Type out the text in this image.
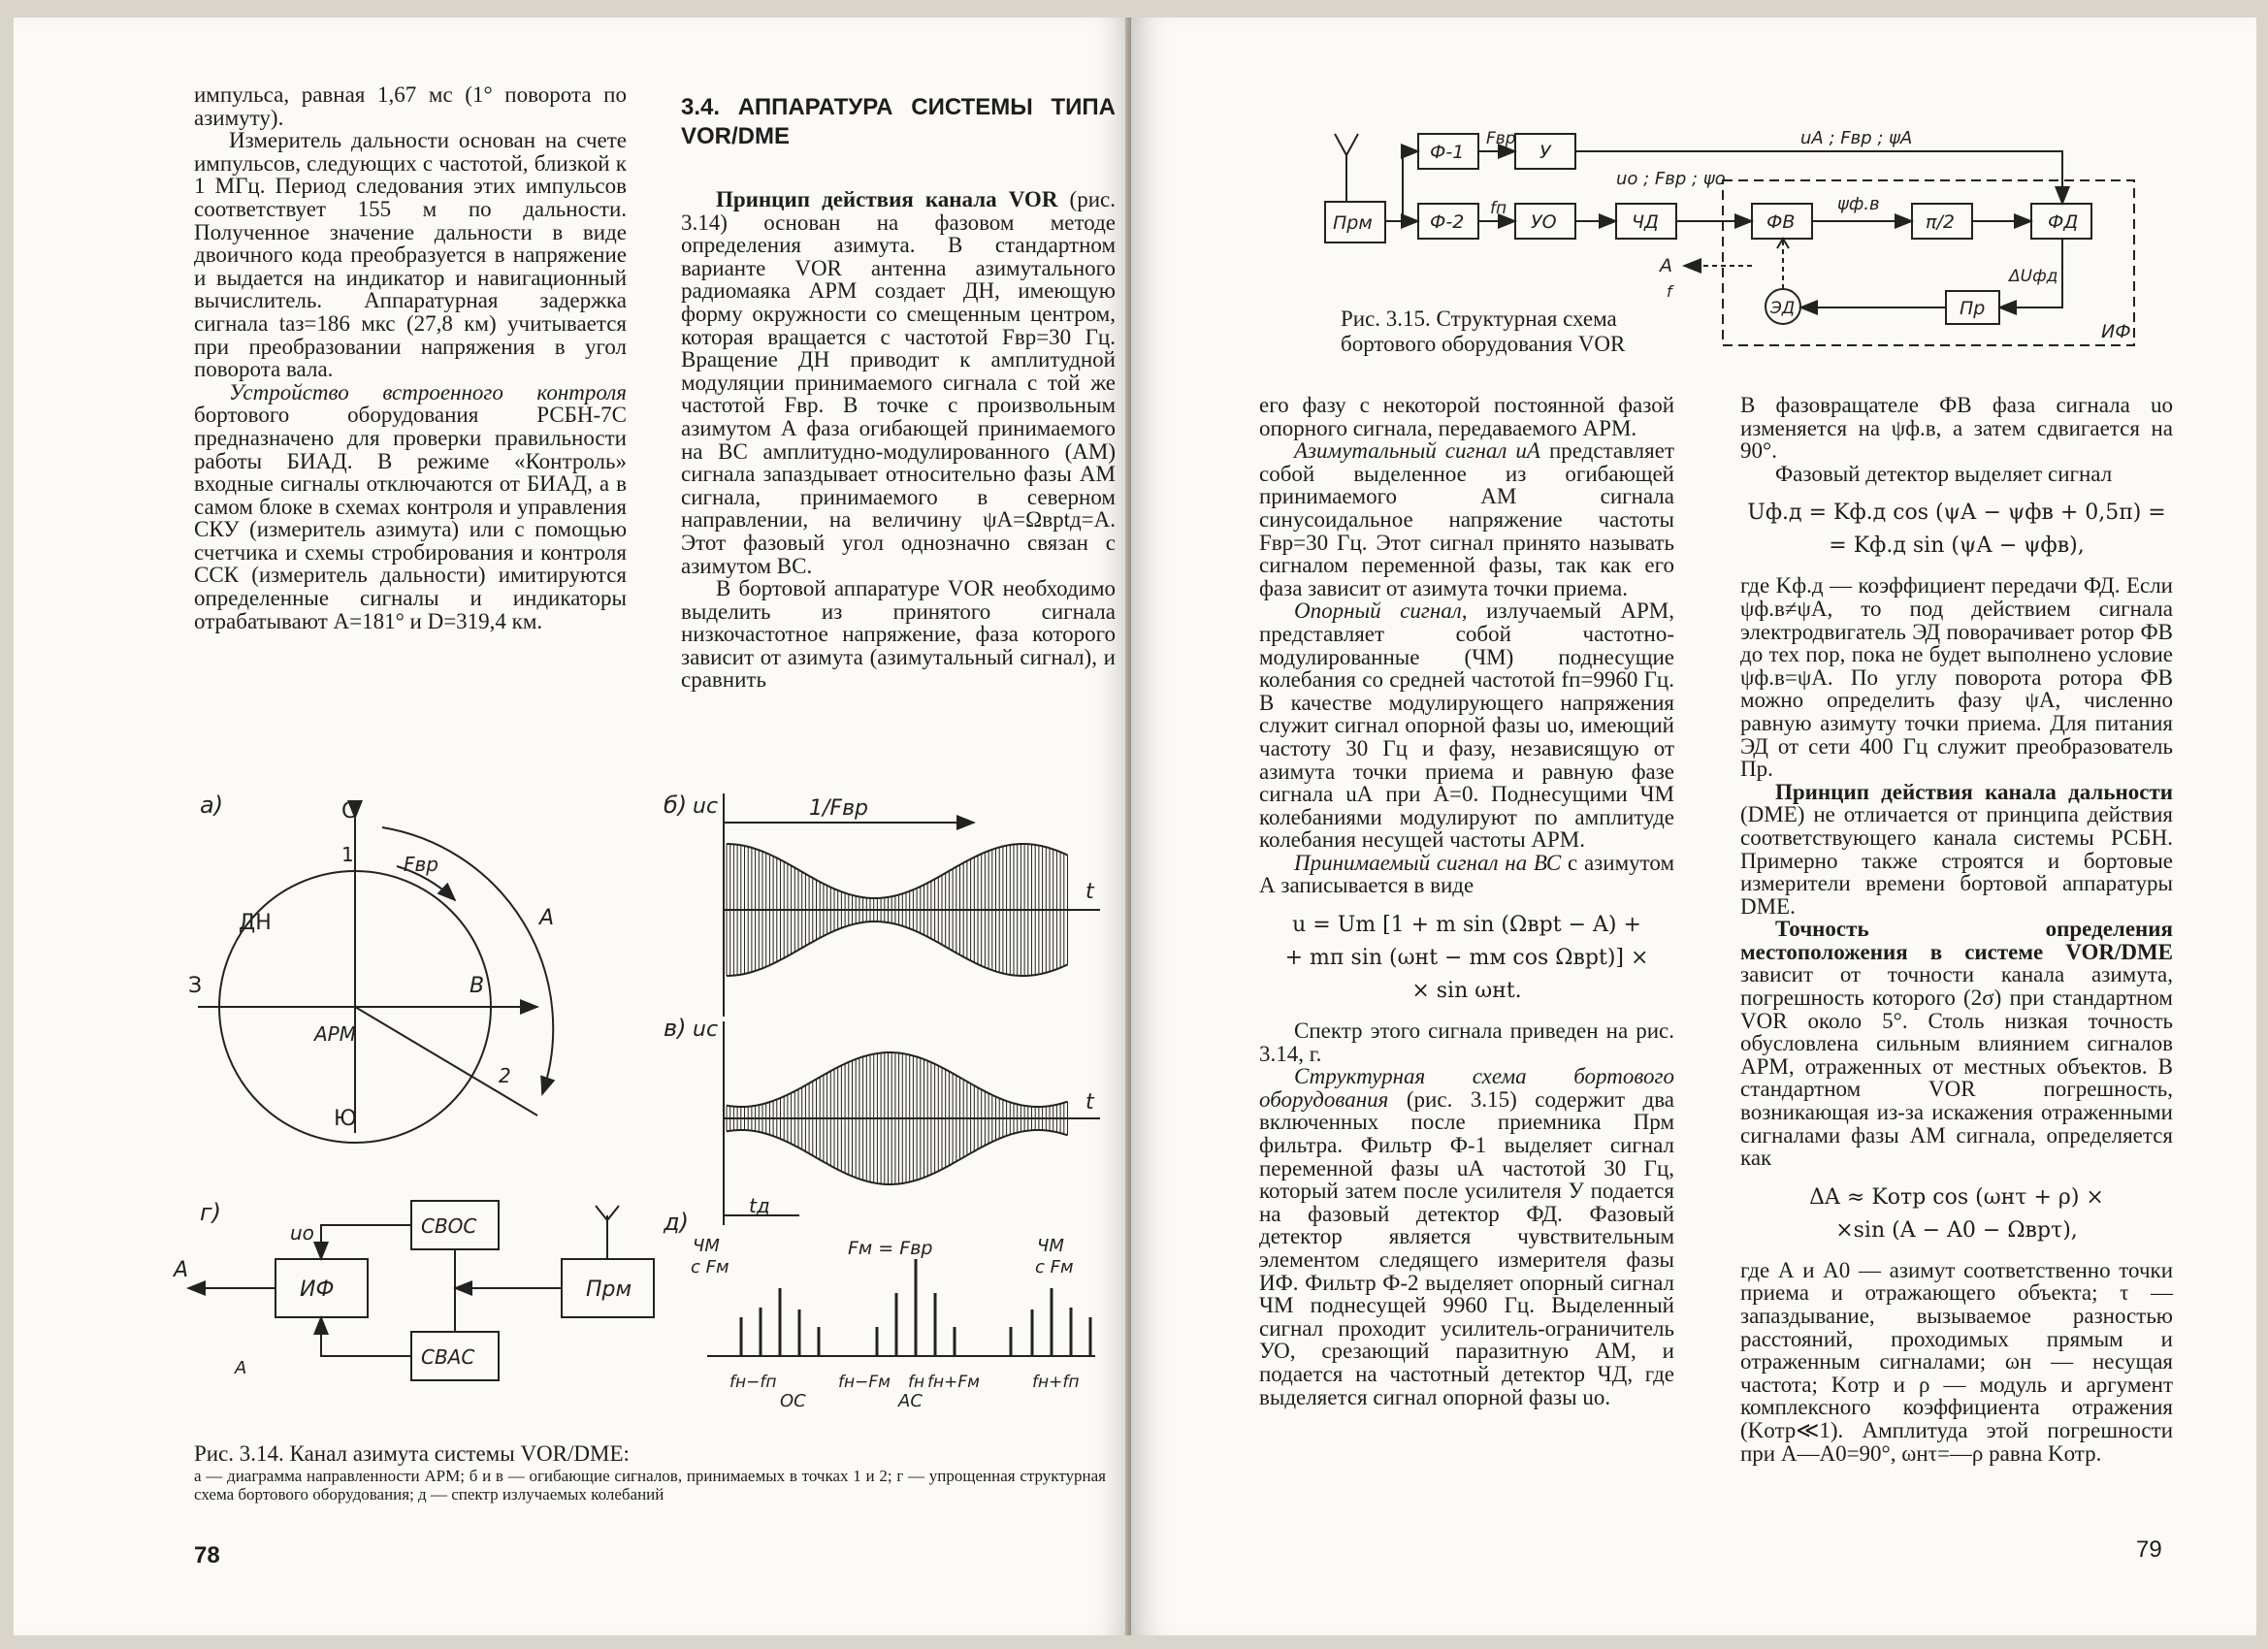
импульса, равная 1,67 мс (1° поворота по азимуту).

Измеритель дальности основан на счете импульсов, следующих с частотой, близкой к 1 МГц. Период следования этих импульсов соответствует 155 м по дальности. Полученное значение дальности в виде двоичного кода преобразуется в напряжение и выдается на индикатор и навигационный вычислитель. Аппаратурная задержка сигнала tаз=186 мкс (27,8 км) учитывается при преобразовании напряжения в угол поворота вала.

Устройство встроенного контроля бортового оборудования РСБН-7С предназначено для проверки правильности работы БИАД. В режиме «Контроль» входные сигналы отключаются от БИАД, а в самом блоке в схемах контроля и управления СКУ (измеритель азимута) или с помощью счетчика и схемы стробирования и контроля ССК (измеритель дальности) имитируются определенные сигналы и индикаторы отрабатывают А=181° и D=319,4 км.

3.4. АППАРАТУРА СИСТЕМЫ ТИПА VOR/DME

Принцип действия канала VOR (рис. 3.14) основан на фазовом методе определения азимута. В стандартном варианте VOR антенна азимутального радиомаяка АРМ создает ДН, имеющую форму окружности со смещенным центром, которая вращается с частотой Fвр=30 Гц. Вращение ДН приводит к амплитудной модуляции принимаемого сигнала с той же частотой Fвр. В точке с произвольным азимутом А фаза огибающей принимаемого на ВС амплитудно-модулированного (АМ) сигнала запаздывает относительно фазы АМ сигнала, принимаемого в северном направлении, на величину ψА=Ωврtд=А. Этот фазовый угол однозначно связан с азимутом ВС.

В бортовой аппаратуре VOR необходимо выделить из принятого сигнала низкочастотное напряжение, фаза которого зависит от азимута (азимутальный сигнал), и сравнить

а)	С
Ю
З	В
ДН
АРМ
1
2
А
Fвр
б) uс	1/Fвр
t
в) uс
tд
t
г)
ИФ
СВОС
СВАС
Прм
А
uо
А
д)
ЧМ
с Fм
Fм = Fвр	ЧМ
с Fм
fн−fп	fн−Fм fн fн+Fм	fн+fп
ОС	АС
Рис. 3.14. Канал азимута системы VOR/DME:
а — диаграмма направленности АРМ; б и в — огибающие сигналов, принимаемых в точках 1 и 2; г — упрощенная структурная схема бортового оборудования; д — спектр излучаемых колебаний
78
Прм
Ф-1
Ф-2
У
УО	ЧД	ФВ	π/2	ФД
ЭД	Пр
Fвр
fп
uА ; Fвр ; ψА
uо ; Fвр ; ψо
ψф.в
ΔUфд
А
ИФ
f
Рис. 3.15. Структурная схема бортового оборудования VOR

его фазу с некоторой постоянной фазой опорного сигнала, передаваемого АРМ.

Азимутальный сигнал uА представляет собой выделенное из огибающей принимаемого АМ сигнала синусоидальное напряжение частоты Fвр=30 Гц. Этот сигнал принято называть сигналом переменной фазы, так как его фаза зависит от азимута точки приема.

Опорный сигнал, излучаемый АРМ, представляет собой частотно-модулированные (ЧМ) поднесущие колебания со средней частотой fп=9960 Гц. В качестве модулирующего напряжения служит сигнал опорной фазы uо, имеющий частоту 30 Гц и фазу, независящую от азимута точки приема и равную фазе сигнала uА при А=0. Поднесущими ЧМ колебаниями модулируют по амплитуде колебания несущей частоты АРМ.

Принимаемый сигнал на ВС с азимутом А записывается в виде

u = Um [1 + m sin (Ωврt − A) +
+ mп sin (ωнt − mм cos Ωврt)] ×
× sin ωнt.

Спектр этого сигнала приведен на рис. 3.14, г.

Структурная схема бортового оборудования (рис. 3.15) содержит два включенных после приемника Прм фильтра. Фильтр Ф-1 выделяет сигнал переменной фазы uА частотой 30 Гц, который затем после усилителя У подается на фазовый детектор ФД. Фазовый детектор является чувствительным элементом следящего измерителя фазы ИФ. Фильтр Ф-2 выделяет опорный сигнал ЧМ поднесущей 9960 Гц. Выделенный сигнал проходит усилитель-ограничитель УО, срезающий паразитную АМ, и подается на частотный детектор ЧД, где выделяется сигнал опорной фазы uо.

В фазовращателе ФВ фаза сигнала uо изменяется на ψф.в, а затем сдвигается на 90°.

Фазовый детектор выделяет сигнал

Uф.д = Kф.д cos (ψА − ψфв + 0,5π) =
= Kф.д sin (ψА − ψфв),

где Kф.д — коэффициент передачи ФД. Если ψф.в≠ψА, то под действием сигнала электродвигатель ЭД поворачивает ротор ФВ до тех пор, пока не будет выполнено условие ψф.в=ψА. По углу поворота ротора ФВ можно определить фазу ψА, численно равную азимуту точки приема. Для питания ЭД от сети 400 Гц служит преобразователь Пр.

Принцип действия канала дальности (DME) не отличается от принципа действия соответствующего канала системы РСБН. Примерно также строятся и бортовые измерители времени бортовой аппаратуры DME.

Точность определения местоположения в системе VOR/DME зависит от точности канала азимута, погрешность которого (2σ) при стандартном VOR около 5°. Столь низкая точность обусловлена сильным влиянием сигналов АРМ, отраженных от местных объектов. В стандартном VOR погрешность, возникающая из-за искажения отраженными сигналами фазы АМ сигнала, определяется как

ΔA ≈ Kотр cos (ωнτ + ρ) ×
×sin (A − A0 − Ωврτ),

где А и А0 — азимут соответственно точки приема и отражающего объекта; τ — запаздывание, вызываемое разностью расстояний, проходимых прямым и отраженным сигналами; ωн — несущая частота; Kотр и ρ — модуль и аргумент комплексного коэффициента отражения (Kотр≪1). Амплитуда этой погрешности при А—А0=90°, ωнτ=—ρ равна Kотр.

79
